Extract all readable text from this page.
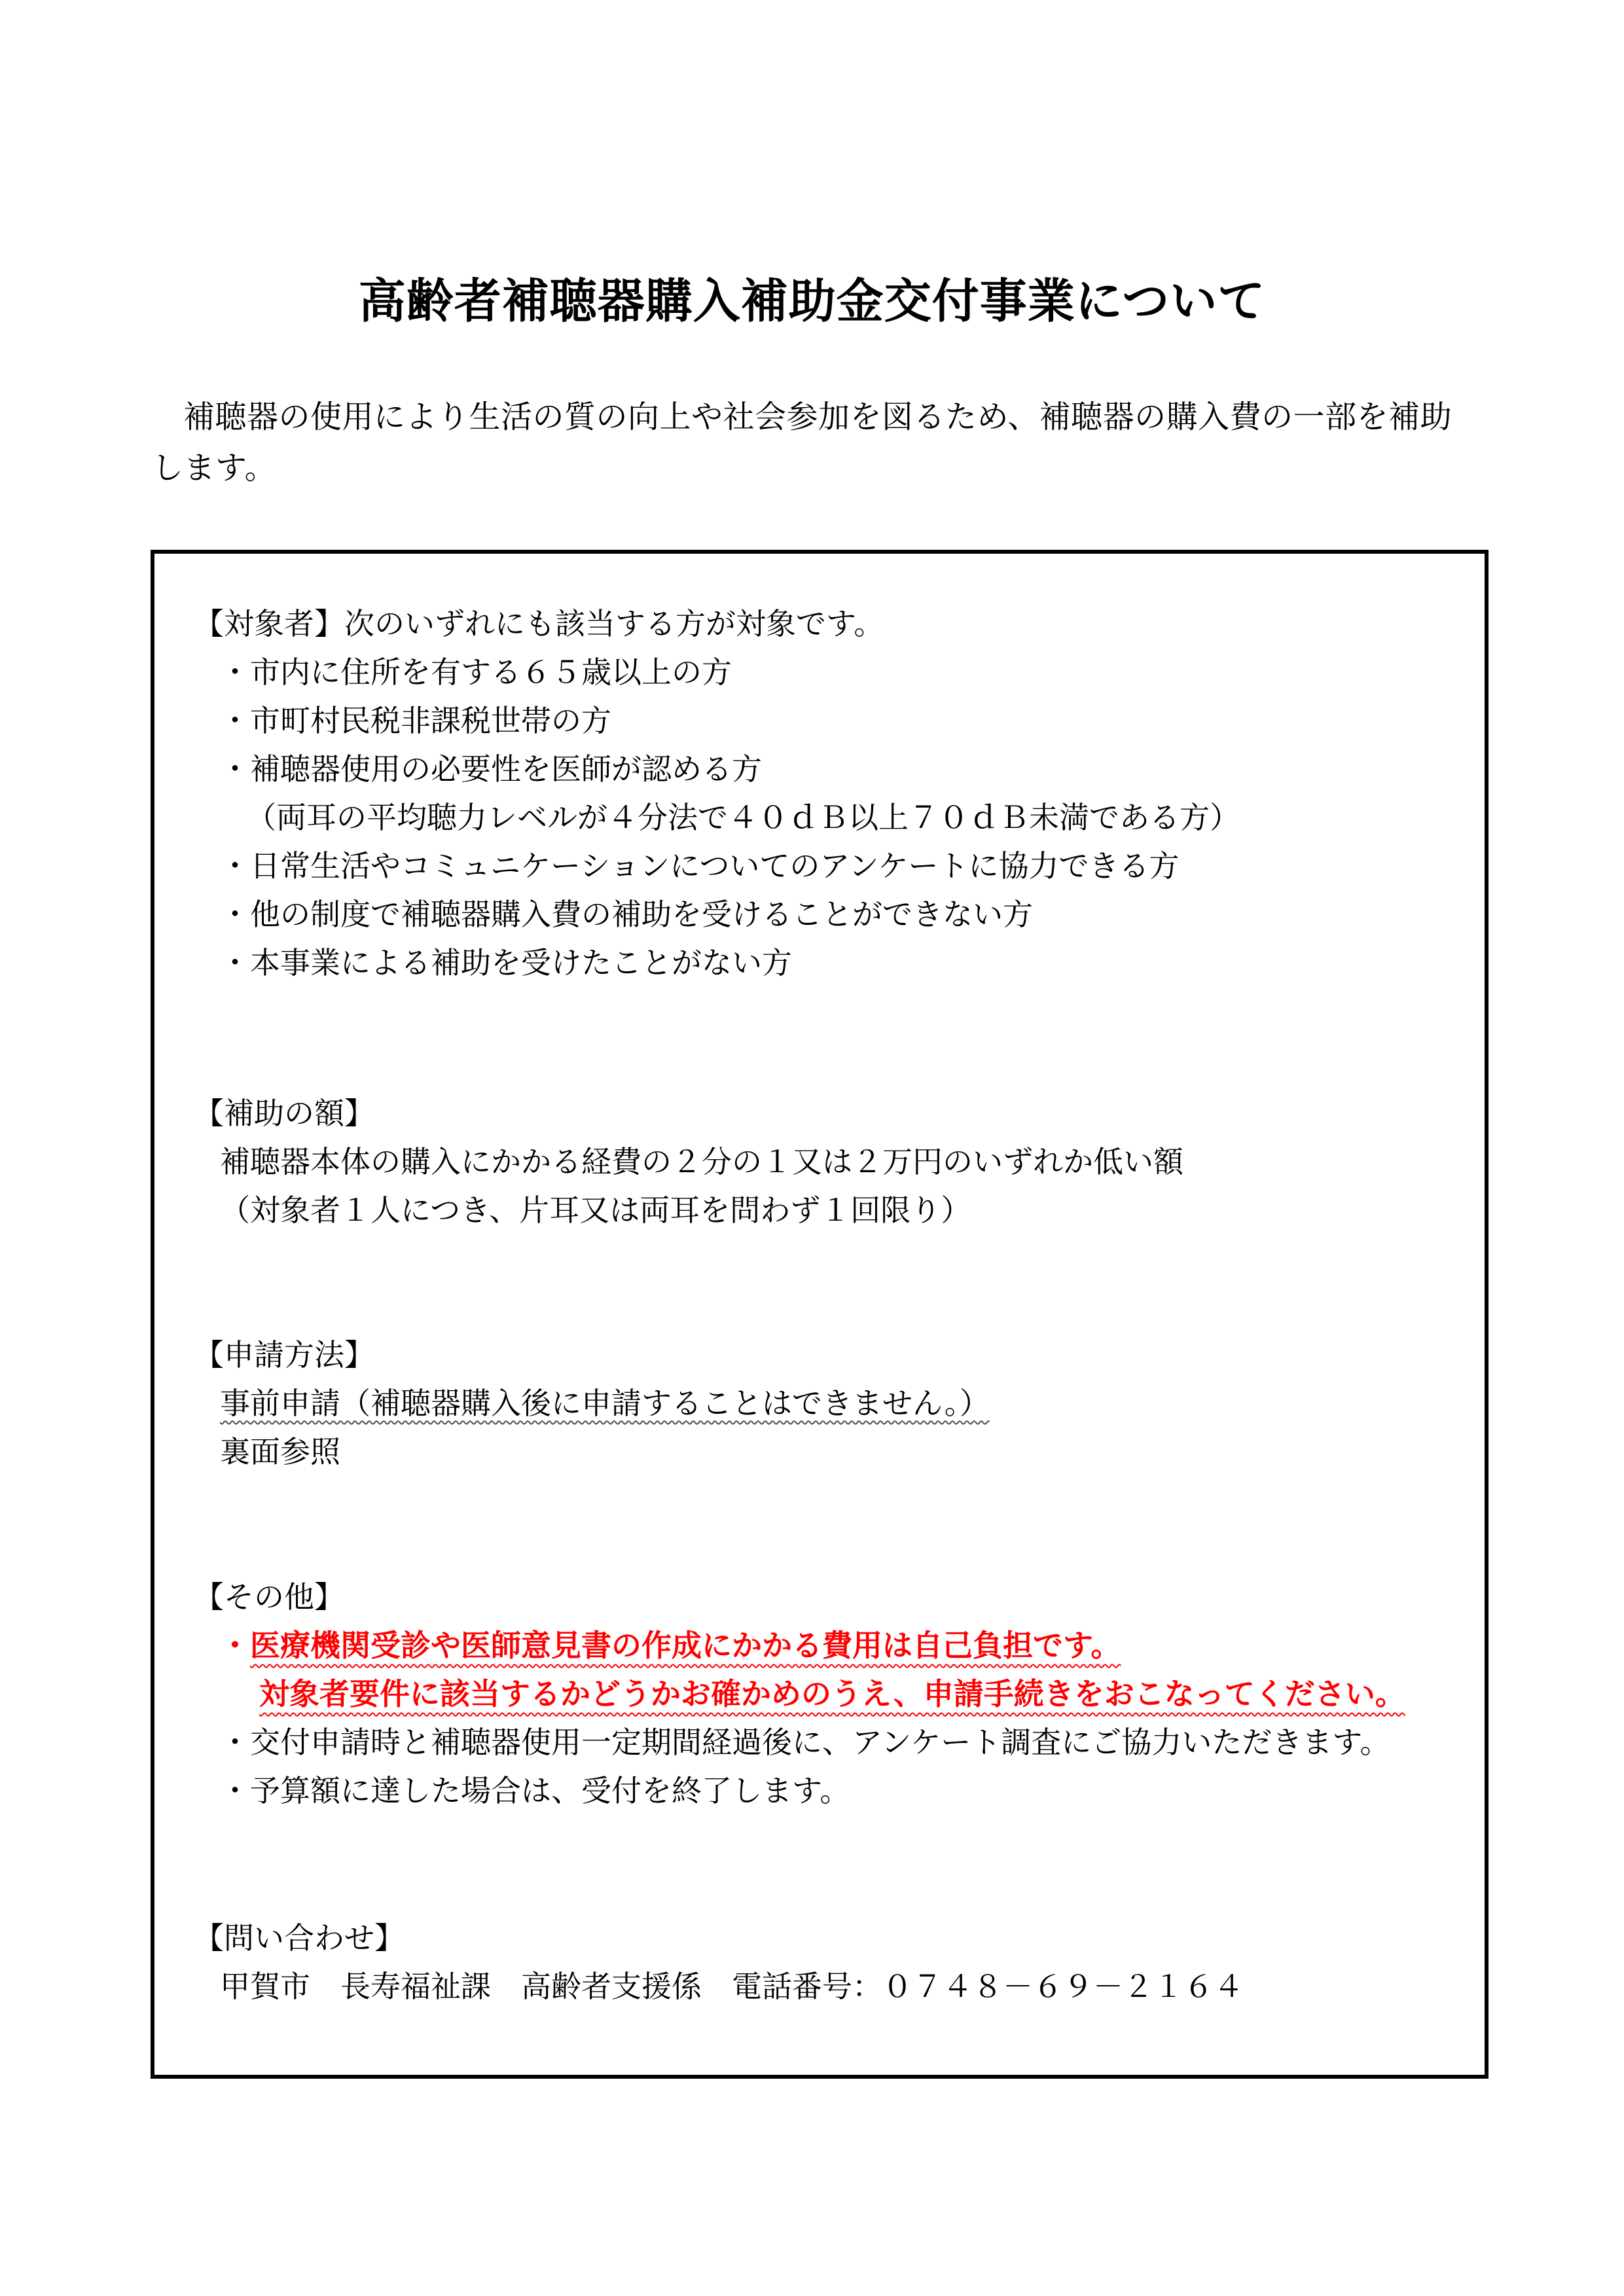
高齢者補聴器購入補助金交付事業について

補聴器の使用により生活の質の向上や社会参加を図るため、補聴器の購入費の一部を補助します。

【対象者】次のいずれにも該当する方が対象です。

・市内に住所を有する６５歳以上の方

・市町村民税非課税世帯の方

・補聴器使用の必要性を医師が認める方

（両耳の平均聴力レベルが４分法で４０ｄＢ以上７０ｄＢ未満である方）

・日常生活やコミュニケーションについてのアンケートに協力できる方

・他の制度で補聴器購入費の補助を受けることができない方

・本事業による補助を受けたことがない方

【補助の額】

補聴器本体の購入にかかる経費の２分の１又は２万円のいずれか低い額

（対象者１人につき、片耳又は両耳を問わず１回限り）

【申請方法】

事前申請（補聴器購入後に申請することはできません。）

裏面参照

【その他】

・医療機関受診や医師意見書の作成にかかる費用は自己負担です。

対象者要件に該当するかどうかお確かめのうえ、申請手続きをおこなってください。

・交付申請時と補聴器使用一定期間経過後に、アンケート調査にご協力いただきます。

・予算額に達した場合は、受付を終了します。

【問い合わせ】

甲賀市　長寿福祉課　高齢者支援係　電話番号：０７４８－６９－２１６４
